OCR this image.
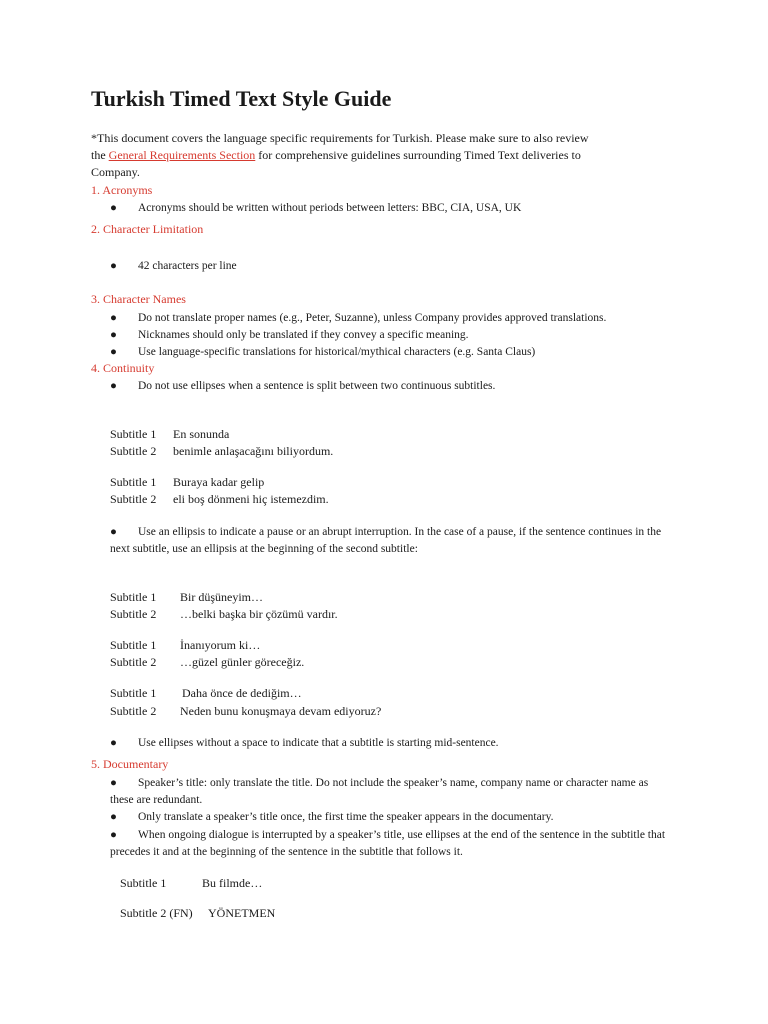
Turkish Timed Text Style Guide
*This document covers the language specific requirements for Turkish. Please make sure to also review
the General Requirements Section for comprehensive guidelines surrounding Timed Text deliveries to
Company.
1. Acronyms
●	Acronyms should be written without periods between letters: BBC, CIA, USA, UK
2. Character Limitation
●	42 characters per line
3. Character Names
●	Do not translate proper names (e.g., Peter, Suzanne), unless Company provides approved translations.
●	Nicknames should only be translated if they convey a specific meaning.
●	Use language-specific translations for historical/mythical characters (e.g. Santa Claus)
4. Continuity
●	Do not use ellipses when a sentence is split between two continuous subtitles.
Subtitle 1 En sonunda
Subtitle 2 benimle anlaşacağını biliyordum.
Subtitle 1 Buraya kadar gelip
Subtitle 2 eli boş dönmeni hiç istemezdim.
●	Use an ellipsis to indicate a pause or an abrupt interruption. In the case of a pause, if the sentence continues in the next subtitle, use an ellipsis at the beginning of the second subtitle:
Subtitle 1 Bir düşüneyim…
Subtitle 2 …belki başka bir çözümü vardır.
Subtitle 1 İnanıyorum ki…
Subtitle 2 …güzel günler göreceğiz.
Subtitle 1 Daha önce de dediğim…
Subtitle 2 Neden bunu konuşmaya devam ediyoruz?
●	Use ellipses without a space to indicate that a subtitle is starting mid-sentence.
5. Documentary
●	Speaker’s title: only translate the title. Do not include the speaker’s name, company name or character name as these are redundant.
●	Only translate a speaker’s title once, the first time the speaker appears in the documentary.
●	When ongoing dialogue is interrupted by a speaker’s title, use ellipses at the end of the sentence in the subtitle that precedes it and at the beginning of the sentence in the subtitle that follows it.
Subtitle 1	Bu filmde…
Subtitle 2 (FN) YÖNETMEN
